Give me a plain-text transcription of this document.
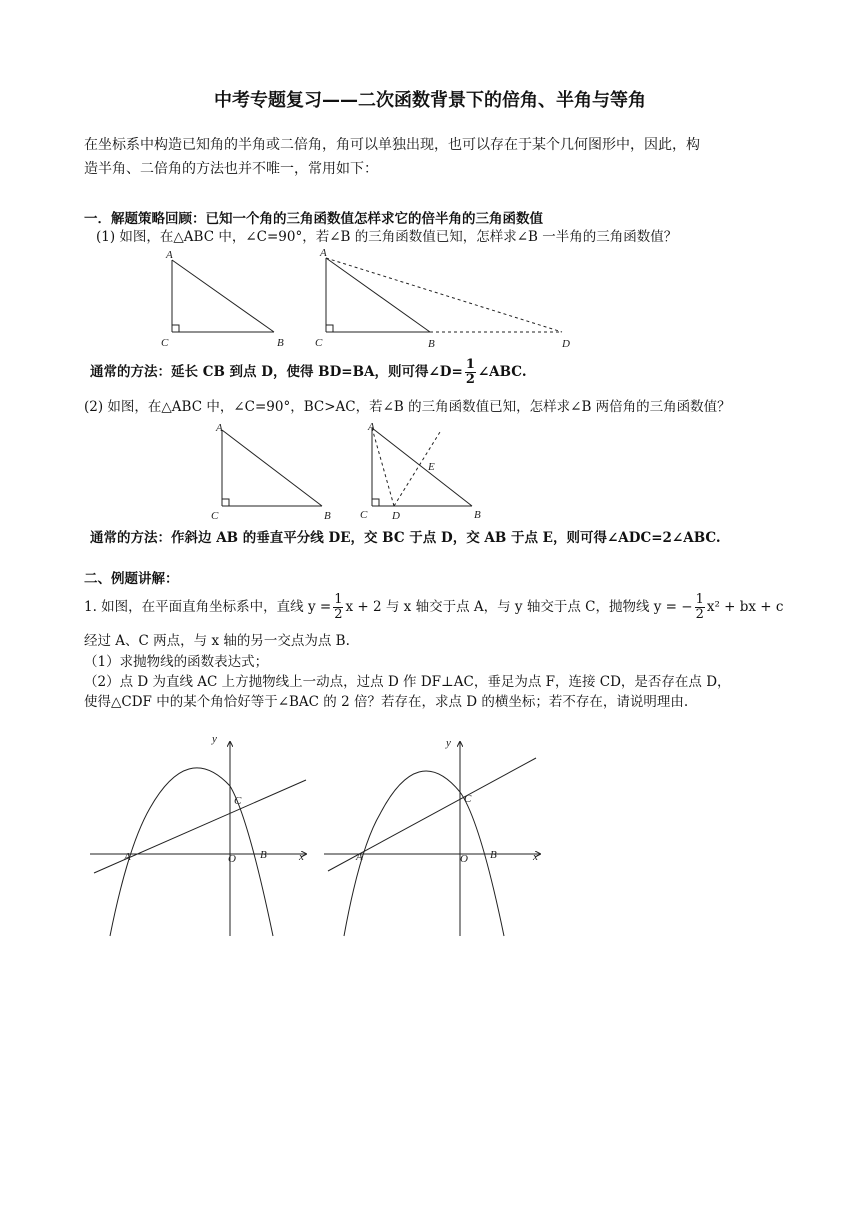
中考专题复习——二次函数背景下的倍角、半角与等角
在坐标系中构造已知角的半角或二倍角，角可以单独出现，也可以存在于某个几何图形中，因此，构
造半角、二倍角的方法也并不唯一，常用如下：
一．解题策略回顾：已知一个角的三角函数值怎样求它的倍半角的三角函数值
(1) 如图，在△ABC 中，∠C=90°，若∠B 的三角函数值已知，怎样求∠B 一半角的三角函数值？
A
C	B
A
C	B	D
通常的方法：延长 CB 到点 D，使得 BD=BA，则可得∠D= $\frac{1}{2}$ ∠ABC.
(2) 如图，在△ABC 中，∠C=90°，BC>AC，若∠B 的三角函数值已知，怎样求∠B 两倍角的三角函数值？
A
C	B
A
E
C D	B
通常的方法：作斜边 AB 的垂直平分线 DE，交 BC 于点 D，交 AB 于点 E，则可得∠ADC=2∠ABC.
二、例题讲解：
1. 如图，在平面直角坐标系中，直线 $y = \frac{1}{2}$ x + 2 与 x 轴交于点 A，与 y 轴交于点 C，抛物线 y = − $\frac{1}{2} x^2$ + bx + c
经过 A、C 两点，与 x 轴的另一交点为点 B.
（1）求抛物线的函数表达式；
（2）点 D 为直线 AC 上方抛物线上一动点，过点 D 作 DF⊥AC，垂足为点 F，连接 CD，是否存在点 D，
使得△CDF 中的某个角恰好等于∠BAC 的 2 倍？若存在，求点 D 的横坐标；若不存在，请说明理由.
y
x
C
A	O B
y
x
C
A	O B
